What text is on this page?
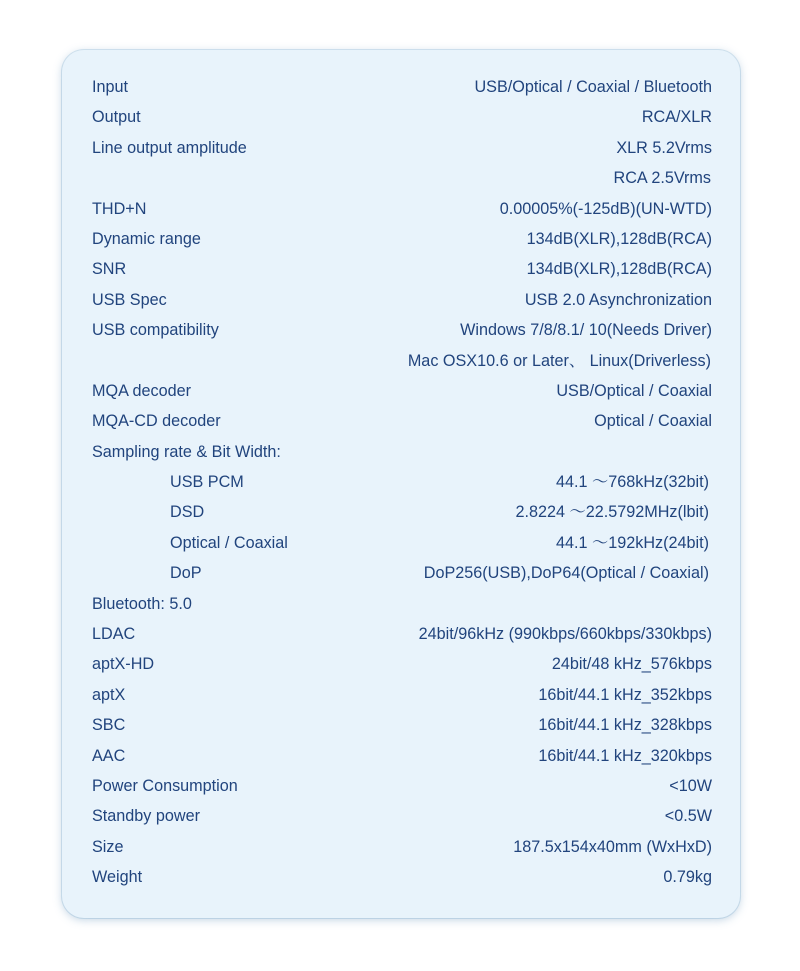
Input	USB/Optical / Coaxial / Bluetooth
Output	RCA/XLR
Line output amplitude	XLR 5.2Vrms
RCA 2.5Vrms
THD+N	0.00005%(-125dB)(UN-WTD)
Dynamic range	134dB(XLR),128dB(RCA)
SNR	134dB(XLR),128dB(RCA)
USB Spec	USB 2.0 Asynchronization
USB compatibility	Windows 7/8/8.1/ 10(Needs Driver)
Mac OSX10.6 or Later、 Linux(Driverless)
MQA decoder	USB/Optical / Coaxial
MQA-CD decoder	Optical / Coaxial
Sampling rate & Bit Width:
USB PCM	44.1 ～768kHz(32bit)
DSD	2.8224 ～22.5792MHz(lbit)
Optical / Coaxial	44.1 ～192kHz(24bit)
DoP	DoP256(USB),DoP64(Optical / Coaxial)
Bluetooth: 5.0
LDAC	24bit/96kHz (990kbps/660kbps/330kbps)
aptX-HD	24bit/48 kHz_576kbps
aptX	16bit/44.1 kHz_352kbps
SBC	16bit/44.1 kHz_328kbps
AAC	16bit/44.1 kHz_320kbps
Power Consumption	<10W
Standby power	<0.5W
Size	187.5x154x40mm (WxHxD)
Weight	0.79kg
